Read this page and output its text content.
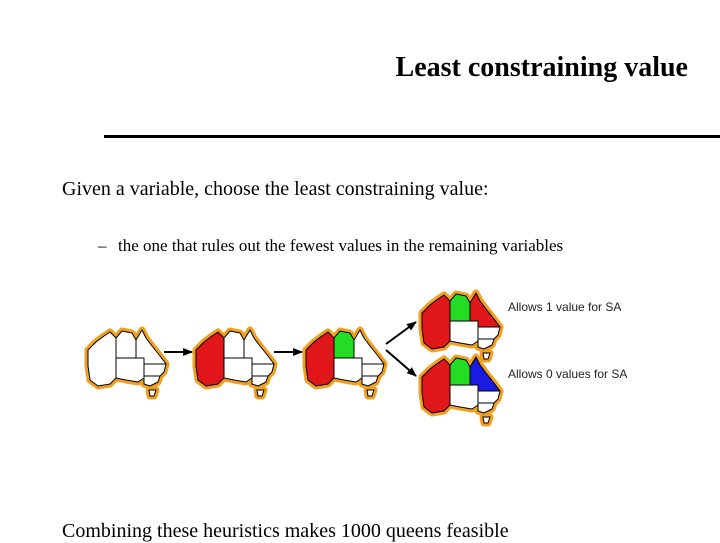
Least constraining value
Given a variable, choose the least constraining value:
– the one that rules out the fewest values in the remaining variables
Allows 1 value for SA
Allows 0 values for SA
Combining these heuristics makes 1000 queens feasible
